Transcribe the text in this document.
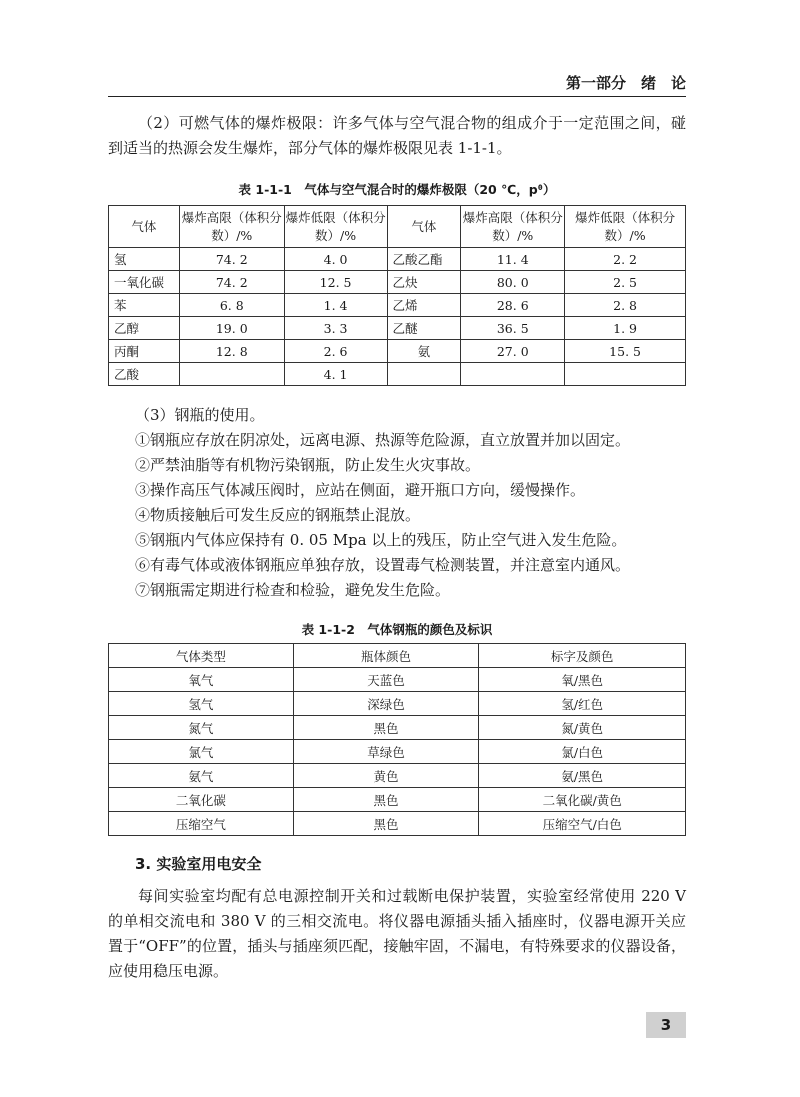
第一部分　绪　论
（2）可燃气体的爆炸极限：许多气体与空气混合物的组成介于一定范围之间，碰到适当的热源会发生爆炸，部分气体的爆炸极限见表 1-1-1。
表 1-1-1　气体与空气混合时的爆炸极限（20 ℃，pᶿ）
气体	爆炸高限（体积分数）/%	爆炸低限（体积分数）/%	气体	爆炸高限（体积分数）/%	爆炸低限（体积分数）/%
氢	74. 2	4. 0	乙酸乙酯	11. 4	2. 2
一氧化碳	74. 2	12. 5	乙炔	80. 0	2. 5
苯	6. 8	1. 4	乙烯	28. 6	2. 8
乙醇	19. 0	3. 3	乙醚	36. 5	1. 9
丙酮	12. 8	2. 6	氨	27. 0	15. 5
乙酸		4. 1			
（3）钢瓶的使用。
①钢瓶应存放在阴凉处，远离电源、热源等危险源，直立放置并加以固定。
②严禁油脂等有机物污染钢瓶，防止发生火灾事故。
③操作高压气体减压阀时，应站在侧面，避开瓶口方向，缓慢操作。
④物质接触后可发生反应的钢瓶禁止混放。
⑤钢瓶内气体应保持有 0. 05 Mpa 以上的残压，防止空气进入发生危险。
⑥有毒气体或液体钢瓶应单独存放，设置毒气检测装置，并注意室内通风。
⑦钢瓶需定期进行检查和检验，避免发生危险。
表 1-1-2　气体钢瓶的颜色及标识
气体类型	瓶体颜色	标字及颜色
氧气	天蓝色	氧/黑色
氢气	深绿色	氢/红色
氮气	黑色	氮/黄色
氯气	草绿色	氯/白色
氨气	黄色	氨/黑色
二氧化碳	黑色	二氧化碳/黄色
压缩空气	黑色	压缩空气/白色
3. 实验室用电安全
每间实验室均配有总电源控制开关和过载断电保护装置，实验室经常使用 220 V 的单相交流电和 380 V 的三相交流电。将仪器电源插头插入插座时，仪器电源开关应置于“OFF”的位置，插头与插座须匹配，接触牢固，不漏电，有特殊要求的仪器设备，应使用稳压电源。
3
